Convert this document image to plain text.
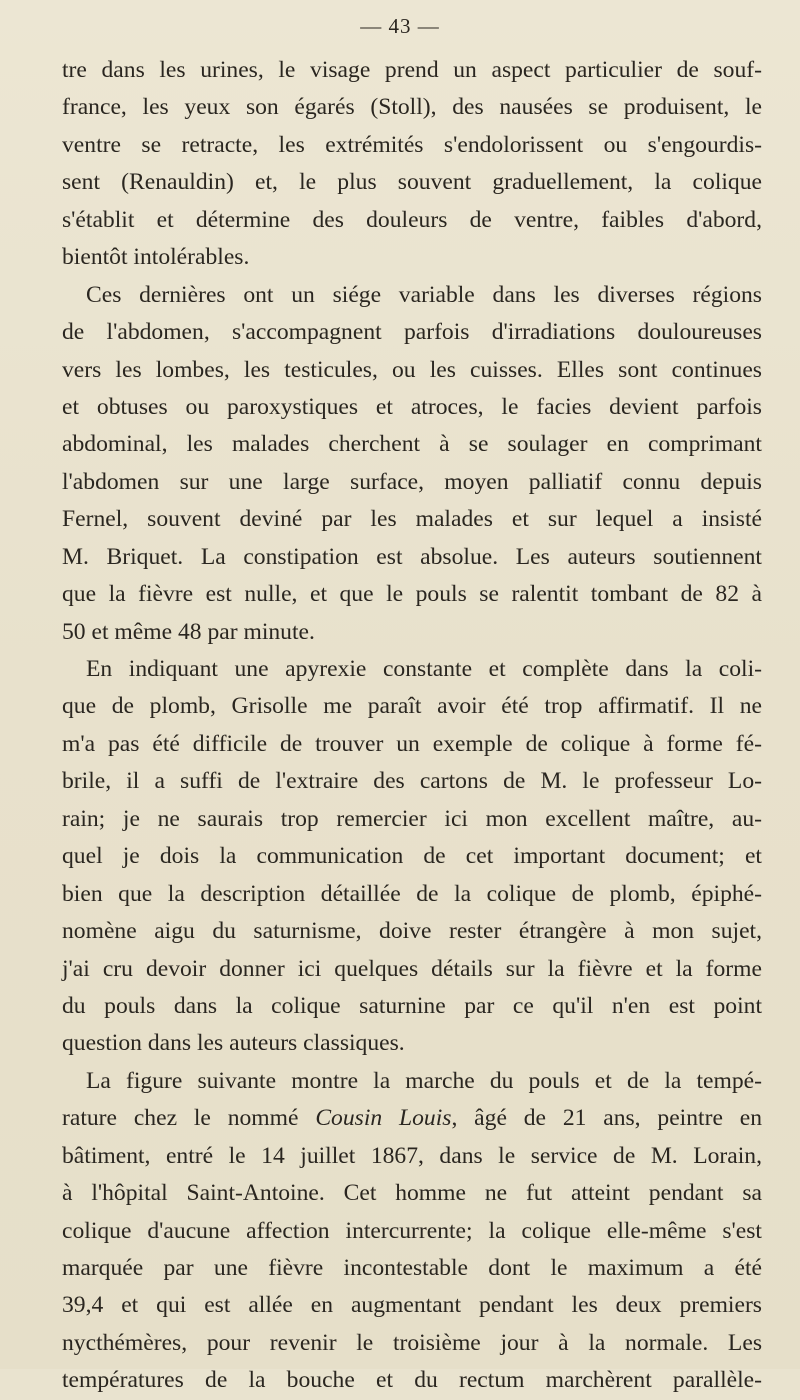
— 43 —
tre dans les urines, le visage prend un aspect particulier de souf-
france, les yeux son égarés (Stoll), des nausées se produisent, le
ventre se retracte, les extrémités s'endolorissent ou s'engourdis-
sent (Renauldin) et, le plus souvent graduellement, la colique
s'établit et détermine des douleurs de ventre, faibles d'abord,
bientôt intolérables.
Ces dernières ont un siége variable dans les diverses régions
de l'abdomen, s'accompagnent parfois d'irradiations douloureuses
vers les lombes, les testicules, ou les cuisses. Elles sont continues
et obtuses ou paroxystiques et atroces, le facies devient parfois
abdominal, les malades cherchent à se soulager en comprimant
l'abdomen sur une large surface, moyen palliatif connu depuis
Fernel, souvent deviné par les malades et sur lequel a insisté
M. Briquet. La constipation est absolue. Les auteurs soutiennent
que la fièvre est nulle, et que le pouls se ralentit tombant de 82 à
50 et même 48 par minute.
En indiquant une apyrexie constante et complète dans la coli-
que de plomb, Grisolle me paraît avoir été trop affirmatif. Il ne
m'a pas été difficile de trouver un exemple de colique à forme fé-
brile, il a suffi de l'extraire des cartons de M. le professeur Lo-
rain; je ne saurais trop remercier ici mon excellent maître, au-
quel je dois la communication de cet important document; et
bien que la description détaillée de la colique de plomb, épiphé-
nomène aigu du saturnisme, doive rester étrangère à mon sujet,
j'ai cru devoir donner ici quelques détails sur la fièvre et la forme
du pouls dans la colique saturnine par ce qu'il n'en est point
question dans les auteurs classiques.
La figure suivante montre la marche du pouls et de la tempé-
rature chez le nommé Cousin Louis, âgé de 21 ans, peintre en
bâtiment, entré le 14 juillet 1867, dans le service de M. Lorain,
à l'hôpital Saint-Antoine. Cet homme ne fut atteint pendant sa
colique d'aucune affection intercurrente; la colique elle-même s'est
marquée par une fièvre incontestable dont le maximum a été
39,4 et qui est allée en augmentant pendant les deux premiers
nycthémères, pour revenir le troisième jour à la normale. Les
températures de la bouche et du rectum marchèrent parallèle-
